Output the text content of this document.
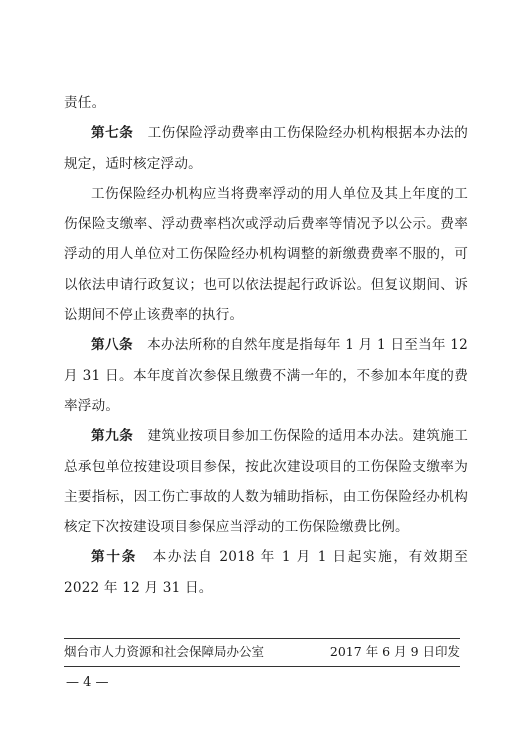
责任。

第七条 工伤保险浮动费率由工伤保险经办机构根据本办法的规定，适时核定浮动。

工伤保险经办机构应当将费率浮动的用人单位及其上年度的工伤保险支缴率、浮动费率档次或浮动后费率等情况予以公示。费率浮动的用人单位对工伤保险经办机构调整的新缴费费率不服的，可以依法申请行政复议；也可以依法提起行政诉讼。但复议期间、诉讼期间不停止该费率的执行。

第八条 本办法所称的自然年度是指每年 1 月 1 日至当年 12 月 31 日。本年度首次参保且缴费不满一年的，不参加本年度的费率浮动。

第九条 建筑业按项目参加工伤保险的适用本办法。建筑施工总承包单位按建设项目参保，按此次建设项目的工伤保险支缴率为主要指标，因工伤亡事故的人数为辅助指标，由工伤保险经办机构核定下次按建设项目参保应当浮动的工伤保险缴费比例。

第十条 本办法自 2018 年 1 月 1 日起实施，有效期至 2022 年 12 月 31 日。

烟台市人力资源和社会保障局办公室	2017 年 6 月 9 日印发
— 4 —
